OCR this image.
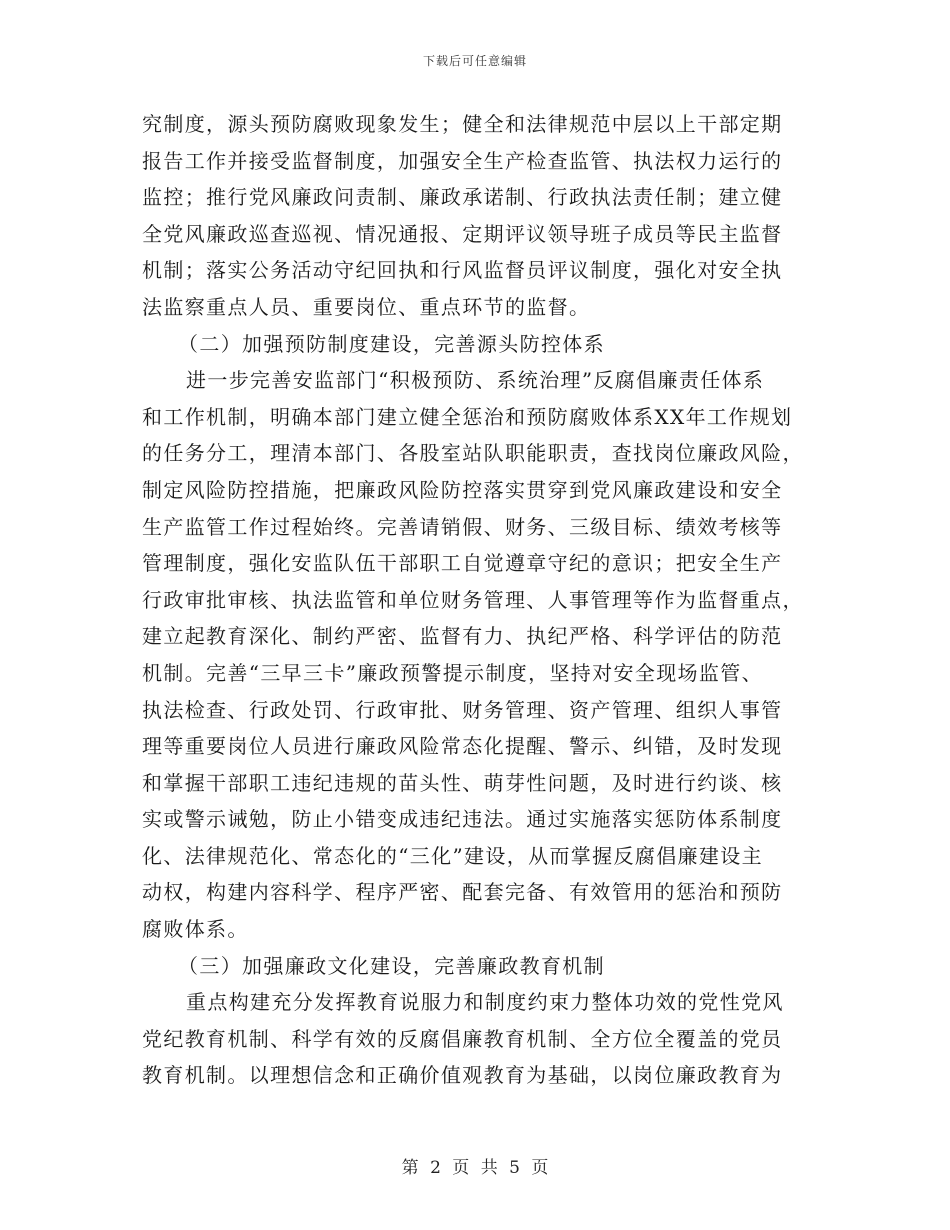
下载后可任意编辑
究制度，源头预防腐败现象发生；健全和法律规范中层以上干部定期
报告工作并接受监督制度，加强安全生产检查监管、执法权力运行的
监控；推行党风廉政问责制、廉政承诺制、行政执法责任制；建立健
全党风廉政巡查巡视、情况通报、定期评议领导班子成员等民主监督
机制；落实公务活动守纪回执和行风监督员评议制度，强化对安全执
法监察重点人员、重要岗位、重点环节的监督。
（二）加强预防制度建设，完善源头防控体系
进一步完善安监部门“积极预防、系统治理”反腐倡廉责任体系
和工作机制，明确本部门建立健全惩治和预防腐败体系XX年工作规划
的任务分工，理清本部门、各股室站队职能职责，查找岗位廉政风险，
制定风险防控措施，把廉政风险防控落实贯穿到党风廉政建设和安全
生产监管工作过程始终。完善请销假、财务、三级目标、绩效考核等
管理制度，强化安监队伍干部职工自觉遵章守纪的意识；把安全生产
行政审批审核、执法监管和单位财务管理、人事管理等作为监督重点，
建立起教育深化、制约严密、监督有力、执纪严格、科学评估的防范
机制。完善“三早三卡”廉政预警提示制度，坚持对安全现场监管、
执法检查、行政处罚、行政审批、财务管理、资产管理、组织人事管
理等重要岗位人员进行廉政风险常态化提醒、警示、纠错，及时发现
和掌握干部职工违纪违规的苗头性、萌芽性问题，及时进行约谈、核
实或警示诫勉，防止小错变成违纪违法。通过实施落实惩防体系制度
化、法律规范化、常态化的“三化”建设，从而掌握反腐倡廉建设主
动权，构建内容科学、程序严密、配套完备、有效管用的惩治和预防
腐败体系。
（三）加强廉政文化建设，完善廉政教育机制
重点构建充分发挥教育说服力和制度约束力整体功效的党性党风
党纪教育机制、科学有效的反腐倡廉教育机制、全方位全覆盖的党员
教育机制。以理想信念和正确价值观教育为基础，以岗位廉政教育为
第 2 页 共 5 页
